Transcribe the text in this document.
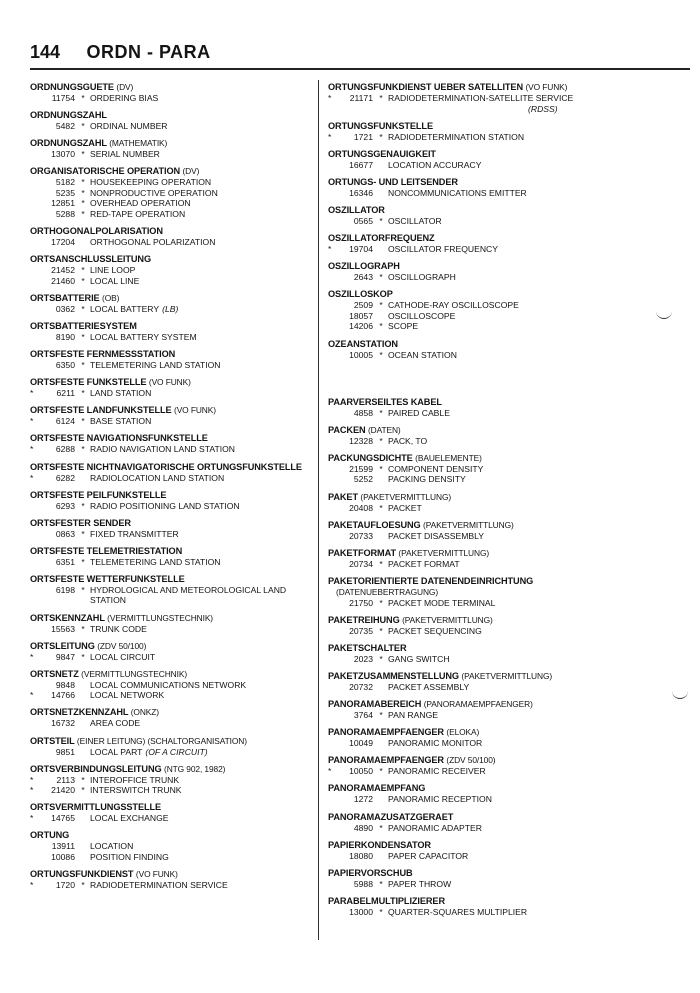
144 ORDN - PARA
ORDNUNGSGUETE (DV)
11754 * ORDERING BIAS
ORDNUNGSZAHL
5482 * ORDINAL NUMBER
ORDNUNGSZAHL (MATHEMATIK)
13070 * SERIAL NUMBER
ORGANISATORISCHE OPERATION (DV)
5182 * HOUSEKEEPING OPERATION
5235 * NONPRODUCTIVE OPERATION
12851 * OVERHEAD OPERATION
5288 * RED-TAPE OPERATION
ORTHOGONALPOLARISATION
17204 ORTHOGONAL POLARIZATION
ORTSANSCHLUSSLEITUNG
21452 * LINE LOOP
21460 * LOCAL LINE
ORTSBATTERIE (OB)
0362 * LOCAL BATTERY (LB)
ORTSBATTERIESYSTEM
8190 * LOCAL BATTERY SYSTEM
ORTSFESTE FERNMESSSTATION
6350 * TELEMETERING LAND STATION
ORTSFESTE FUNKSTELLE (VO FUNK)
*	6211 * LAND STATION
ORTSFESTE LANDFUNKSTELLE (VO FUNK)
*	6124 * BASE STATION
ORTSFESTE NAVIGATIONSFUNKSTELLE
*	6288 * RADIO NAVIGATION LAND STATION
ORTSFESTE NICHTNAVIGATORISCHE ORTUNGSFUNKSTELLE
*	6282 RADIOLOCATION LAND STATION
ORTSFESTE PEILFUNKSTELLE
6293 * RADIO POSITIONING LAND STATION
ORTSFESTER SENDER
0863 * FIXED TRANSMITTER
ORTSFESTE TELEMETRIESTATION
6351 * TELEMETERING LAND STATION
ORTSFESTE WETTERFUNKSTELLE
6198 * HYDROLOGICAL AND METEOROLOGICAL LAND STATION
ORTSKENNZAHL (VERMITTLUNGSTECHNIK)
15563 * TRUNK CODE
ORTSLEITUNG (ZDV 50/100)
*	9847 * LOCAL CIRCUIT
ORTSNETZ (VERMITTLUNGSTECHNIK)
9848 LOCAL COMMUNICATIONS NETWORK
*	14766 LOCAL NETWORK
ORTSNETZKENNZAHL (ONKZ)
16732 AREA CODE
ORTSTEIL (EINER LEITUNG) (SCHALTORGANISATION)
9851 LOCAL PART (OF A CIRCUIT)
ORTSVERBINDUNGSLEITUNG (NTG 902, 1982)
*	2113 * INTEROFFICE TRUNK
*	21420 * INTERSWITCH TRUNK
ORTSVERMITTLUNGSSTELLE
*	14765 LOCAL EXCHANGE
ORTUNG
13911 LOCATION
10086 POSITION FINDING
ORTUNGSFUNKDIENST (VO FUNK)
*	1720 * RADIODETERMINATION SERVICE
ORTUNGSFUNKDIENST UEBER SATELLITEN (VO FUNK)
*	21171 * RADIODETERMINATION-SATELLITE SERVICE
(RDSS)
ORTUNGSFUNKSTELLE
*	1721 * RADIODETERMINATION STATION
ORTUNGSGENAUIGKEIT
16677 LOCATION ACCURACY
ORTUNGS- UND LEITSENDER
16346 NONCOMMUNICATIONS EMITTER
OSZILLATOR
0565 * OSCILLATOR
OSZILLATORFREQUENZ
*	19704 OSCILLATOR FREQUENCY
OSZILLOGRAPH
2643 * OSCILLOGRAPH
OSZILLOSKOP
2509 * CATHODE-RAY OSCILLOSCOPE
18057 OSCILLOSCOPE
14206 * SCOPE
OZEANSTATION
10005 * OCEAN STATION
PAARVERSEILTES KABEL
4858 * PAIRED CABLE
PACKEN (DATEN)
12328 * PACK, TO
PACKUNGSDICHTE (BAUELEMENTE)
21599 * COMPONENT DENSITY
5252 PACKING DENSITY
PAKET (PAKETVERMITTLUNG)
20408 * PACKET
PAKETAUFLOESUNG (PAKETVERMITTLUNG)
20733 PACKET DISASSEMBLY
PAKETFORMAT (PAKETVERMITTLUNG)
20734 * PACKET FORMAT
PAKETORIENTIERTE DATENENDEINRICHTUNG
(DATENUEBERTRAGUNG)
21750 * PACKET MODE TERMINAL
PAKETREIHUNG (PAKETVERMITTLUNG)
20735 * PACKET SEQUENCING
PAKETSCHALTER
2023 * GANG SWITCH
PAKETZUSAMMENSTELLUNG (PAKETVERMITTLUNG)
20732 PACKET ASSEMBLY
PANORAMABEREICH (PANORAMAEMPFAENGER)
3764 * PAN RANGE
PANORAMAEMPFAENGER (ELOKA)
10049 PANORAMIC MONITOR
PANORAMAEMPFAENGER (ZDV 50/100)
*	10050 * PANORAMIC RECEIVER
PANORAMAEMPFANG
1272 PANORAMIC RECEPTION
PANORAMAZUSATZGERAET
4890 * PANORAMIC ADAPTER
PAPIERKONDENSATOR
18080 PAPER CAPACITOR
PAPIERVORSCHUB
5988 * PAPER THROW
PARABELMULTIPLIZIERER
13000 * QUARTER-SQUARES MULTIPLIER
